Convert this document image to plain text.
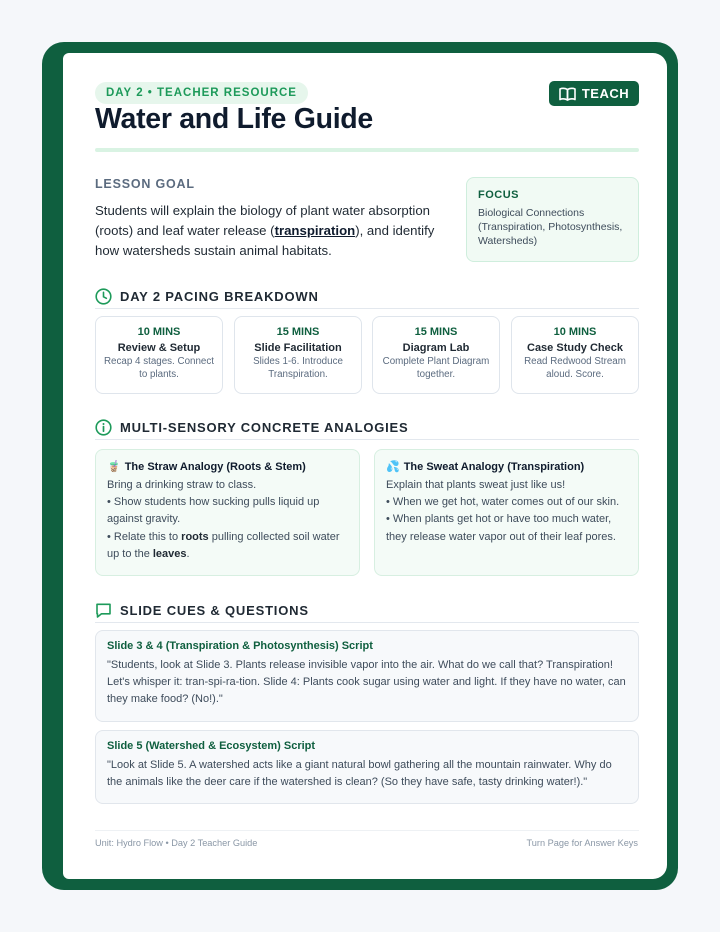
DAY 2 • TEACHER RESOURCE	TEACH
Water and Life Guide
LESSON GOAL
Students will explain the biology of plant water absorption (roots) and leaf water release (transpiration), and identify how watersheds sustain animal habitats.
FOCUS
Biological Connections (Transpiration, Photosynthesis, Watersheds)
DAY 2 PACING BREAKDOWN
10 MINS
Review & Setup
Recap 4 stages. Connect to plants.
15 MINS
Slide Facilitation
Slides 1-6. Introduce Transpiration.
15 MINS
Diagram Lab
Complete Plant Diagram together.
10 MINS
Case Study Check
Read Redwood Stream aloud. Score.
MULTI-SENSORY CONCRETE ANALOGIES
🧋 The Straw Analogy (Roots & Stem)
Bring a drinking straw to class.
• Show students how sucking pulls liquid up against gravity.
• Relate this to roots pulling collected soil water up to the leaves.
💦 The Sweat Analogy (Transpiration)
Explain that plants sweat just like us!
• When we get hot, water comes out of our skin.
• When plants get hot or have too much water, they release water vapor out of their leaf pores.
SLIDE CUES & QUESTIONS
Slide 3 & 4 (Transpiration & Photosynthesis) Script
"Students, look at Slide 3. Plants release invisible vapor into the air. What do we call that? Transpiration! Let's whisper it: tran-spi-ra-tion. Slide 4: Plants cook sugar using water and light. If they have no water, can they make food? (No!)."
Slide 5 (Watershed & Ecosystem) Script
"Look at Slide 5. A watershed acts like a giant natural bowl gathering all the mountain rainwater. Why do the animals like the deer care if the watershed is clean? (So they have safe, tasty drinking water!)."
Unit: Hydro Flow • Day 2 Teacher Guide	Turn Page for Answer Keys
